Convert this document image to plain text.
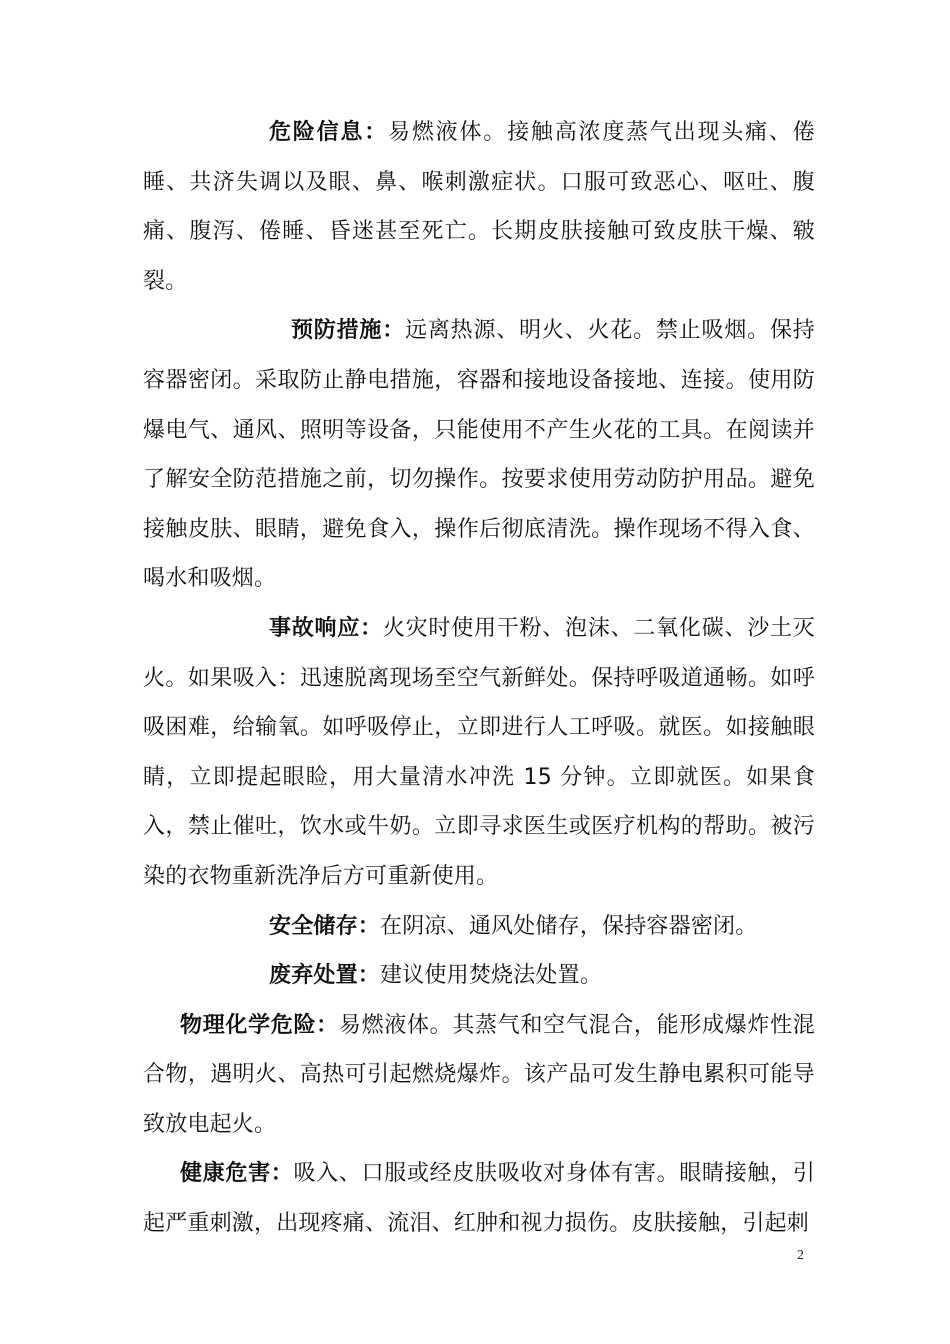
危险信息：易燃液体。接触高浓度蒸气出现头痛、倦睡、共济失调以及眼、鼻、喉刺激症状。口服可致恶心、呕吐、腹痛、腹泻、倦睡、昏迷甚至死亡。长期皮肤接触可致皮肤干燥、皲裂。

预防措施：远离热源、明火、火花。禁止吸烟。保持容器密闭。采取防止静电措施，容器和接地设备接地、连接。使用防爆电气、通风、照明等设备，只能使用不产生火花的工具。在阅读并了解安全防范措施之前，切勿操作。按要求使用劳动防护用品。避免接触皮肤、眼睛，避免食入，操作后彻底清洗。操作现场不得入食、喝水和吸烟。

事故响应：火灾时使用干粉、泡沫、二氧化碳、沙土灭火。如果吸入：迅速脱离现场至空气新鲜处。保持呼吸道通畅。如呼吸困难，给输氧。如呼吸停止，立即进行人工呼吸。就医。如接触眼睛，立即提起眼睑，用大量清水冲洗 15 分钟。立即就医。如果食入，禁止催吐，饮水或牛奶。立即寻求医生或医疗机构的帮助。被污染的衣物重新洗净后方可重新使用。

安全储存：在阴凉、通风处储存，保持容器密闭。

废弃处置：建议使用焚烧法处置。

物理化学危险：易燃液体。其蒸气和空气混合，能形成爆炸性混合物，遇明火、高热可引起燃烧爆炸。该产品可发生静电累积可能导致放电起火。

健康危害：吸入、口服或经皮肤吸收对身体有害。眼睛接触，引起严重刺激，出现疼痛、流泪、红肿和视力损伤。皮肤接触，引起刺

2
